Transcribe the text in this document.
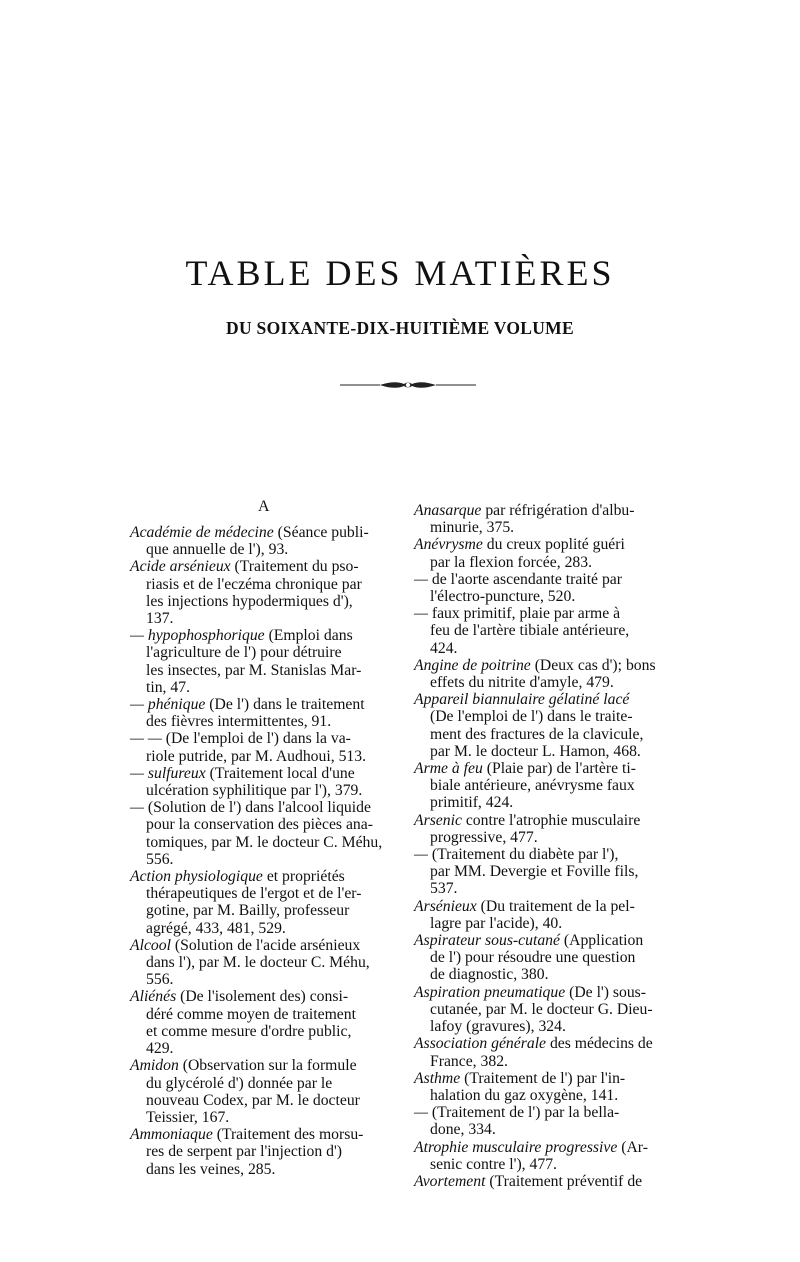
TABLE DES MATIÈRES
DU SOIXANTE-DIX-HUITIÈME VOLUME
A

Académie de médecine (Séance publi-

que annuelle de l'), 93.

Acide arsénieux (Traitement du pso-

riasis et de l'eczéma chronique par

les injections hypodermiques d'),

137.

— hypophosphorique (Emploi dans

l'agriculture de l') pour détruire

les insectes, par M. Stanislas Mar-

tin, 47.

— phénique (De l') dans le traitement

des fièvres intermittentes, 91.

— — (De l'emploi de l') dans la va-

riole putride, par M. Audhoui, 513.

— sulfureux (Traitement local d'une

ulcération syphilitique par l'), 379.

— (Solution de l') dans l'alcool liquide

pour la conservation des pièces ana-

tomiques, par M. le docteur C. Méhu,

556.

Action physiologique et propriétés

thérapeutiques de l'ergot et de l'er-

gotine, par M. Bailly, professeur

agrégé, 433, 481, 529.

Alcool (Solution de l'acide arsénieux

dans l'), par M. le docteur C. Méhu,

556.

Aliénés (De l'isolement des) consi-

déré comme moyen de traitement

et comme mesure d'ordre public,

429.

Amidon (Observation sur la formule

du glycérolé d') donnée par le

nouveau Codex, par M. le docteur

Teissier, 167.

Ammoniaque (Traitement des morsu-

res de serpent par l'injection d')

dans les veines, 285.

Anasarque par réfrigération d'albu-

minurie, 375.

Anévrysme du creux poplité guéri

par la flexion forcée, 283.

— de l'aorte ascendante traité par

l'électro-puncture, 520.

— faux primitif, plaie par arme à

feu de l'artère tibiale antérieure,

424.

Angine de poitrine (Deux cas d'); bons

effets du nitrite d'amyle, 479.

Appareil biannulaire gélatiné lacé

(De l'emploi de l') dans le traite-

ment des fractures de la clavicule,

par M. le docteur L. Hamon, 468.

Arme à feu (Plaie par) de l'artère ti-

biale antérieure, anévrysme faux

primitif, 424.

Arsenic contre l'atrophie musculaire

progressive, 477.

— (Traitement du diabète par l'),

par MM. Devergie et Foville fils,

537.

Arsénieux (Du traitement de la pel-

lagre par l'acide), 40.

Aspirateur sous-cutané (Application

de l') pour résoudre une question

de diagnostic, 380.

Aspiration pneumatique (De l') sous-

cutanée, par M. le docteur G. Dieu-

lafoy (gravures), 324.

Association générale des médecins de

France, 382.

Asthme (Traitement de l') par l'in-

halation du gaz oxygène, 141.

— (Traitement de l') par la bella-

done, 334.

Atrophie musculaire progressive (Ar-

senic contre l'), 477.

Avortement (Traitement préventif de
